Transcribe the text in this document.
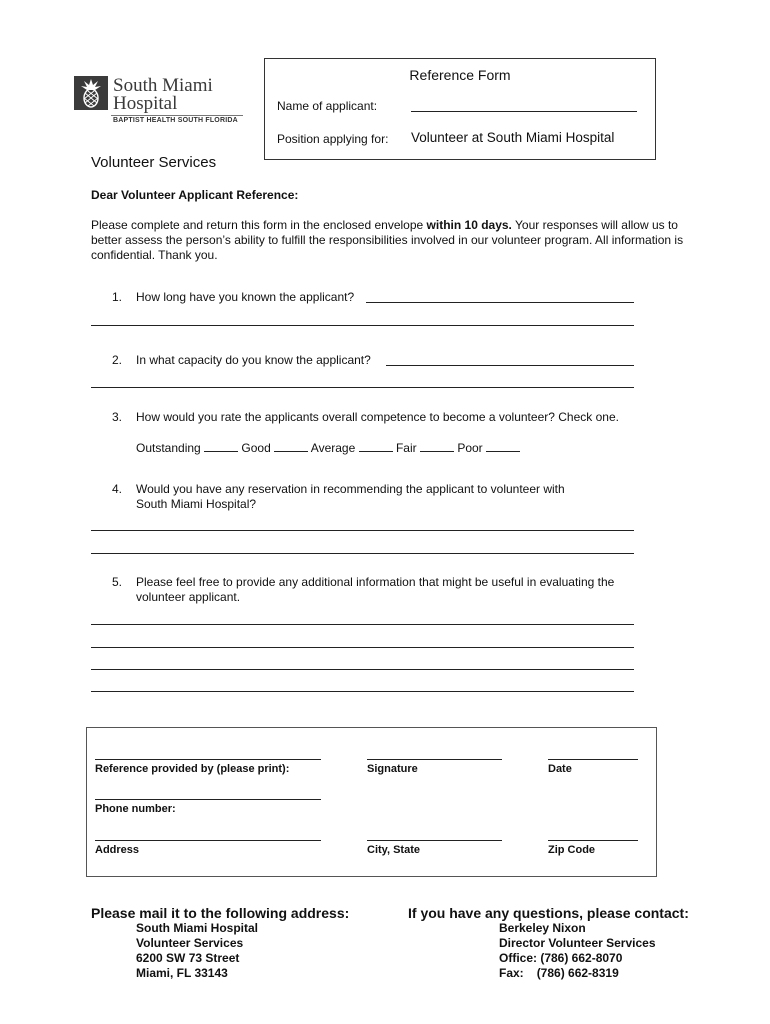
South Miami
Hospital
BAPTIST HEALTH SOUTH FLORIDA
Reference Form
Name of applicant:
Position applying for: Volunteer at South Miami Hospital
Volunteer Services
Dear Volunteer Applicant Reference:
Please complete and return this form in the enclosed envelope within 10 days. Your responses will allow us to better assess the person’s ability to fulfill the responsibilities involved in our volunteer program. All information is confidential. Thank you.
1. How long have you known the applicant?
2. In what capacity do you know the applicant?
3. How would you rate the applicants overall competence to become a volunteer? Check one.
Outstanding	Good	Average	Fair	Poor
4. Would you have any reservation in recommending the applicant to volunteer with
South Miami Hospital?
5. Please feel free to provide any additional information that might be useful in evaluating the
volunteer applicant.
Reference provided by (please print):	Signature	Date
Phone number:
Address	City, State	Zip Code
Please mail it to the following address:
South Miami Hospital
Volunteer Services
6200 SW 73 Street
Miami, FL 33143
If you have any questions, please contact:
Berkeley Nixon
Director Volunteer Services
Office: (786) 662-8070
Fax: (786) 662-8319
